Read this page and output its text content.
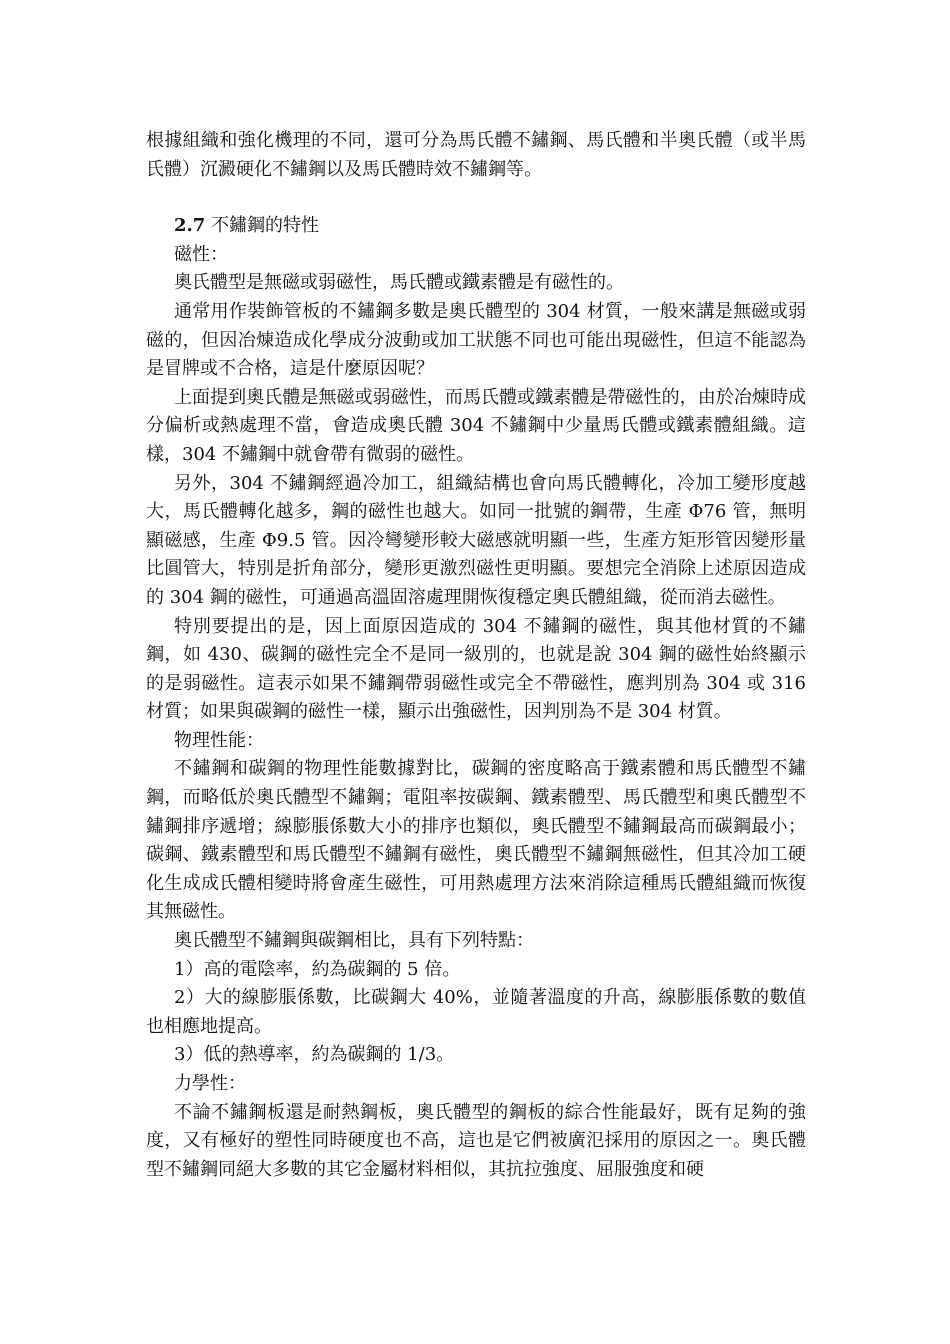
根據組織和強化機理的不同，還可分為馬氏體不鏽鋼、馬氏體和半奧氏體（或半馬氏體）沉澱硬化不鏽鋼以及馬氏體時效不鏽鋼等。

2.7 不鏽鋼的特性

磁性：

奧氏體型是無磁或弱磁性，馬氏體或鐵素體是有磁性的。

通常用作裝飾管板的不鏽鋼多數是奧氏體型的 304 材質，一般來講是無磁或弱磁的，但因冶煉造成化學成分波動或加工狀態不同也可能出現磁性，但這不能認為是冒牌或不合格，這是什麼原因呢？

上面提到奧氏體是無磁或弱磁性，而馬氏體或鐵素體是帶磁性的，由於冶煉時成分偏析或熱處理不當，會造成奧氏體 304 不鏽鋼中少量馬氏體或鐵素體組織。這樣，304 不鏽鋼中就會帶有微弱的磁性。

另外，304 不鏽鋼經過冷加工，組織結構也會向馬氏體轉化，冷加工變形度越大，馬氏體轉化越多，鋼的磁性也越大。如同一批號的鋼帶，生產 Φ76 管，無明顯磁感，生產 Φ9.5 管。因冷彎變形較大磁感就明顯一些，生產方矩形管因變形量比圓管大，特別是折角部分，變形更激烈磁性更明顯。要想完全消除上述原因造成的 304 鋼的磁性，可通過高溫固溶處理開恢復穩定奧氏體組織，從而消去磁性。

特別要提出的是，因上面原因造成的 304 不鏽鋼的磁性，與其他材質的不鏽鋼，如 430、碳鋼的磁性完全不是同一級別的，也就是說 304 鋼的磁性始終顯示的是弱磁性。這表示如果不鏽鋼帶弱磁性或完全不帶磁性，應判別為 304 或 316 材質；如果與碳鋼的磁性一樣，顯示出強磁性，因判別為不是 304 材質。

物理性能：

不鏽鋼和碳鋼的物理性能數據對比，碳鋼的密度略高于鐵素體和馬氏體型不鏽鋼，而略低於奧氏體型不鏽鋼；電阻率按碳鋼、鐵素體型、馬氏體型和奧氏體型不鏽鋼排序遞增；線膨脹係數大小的排序也類似，奧氏體型不鏽鋼最高而碳鋼最小；碳鋼、鐵素體型和馬氏體型不鏽鋼有磁性，奧氏體型不鏽鋼無磁性，但其冷加工硬化生成成氏體相變時將會產生磁性，可用熱處理方法來消除這種馬氏體組織而恢復其無磁性。

奧氏體型不鏽鋼與碳鋼相比，具有下列特點：

1）高的電陰率，約為碳鋼的 5 倍。

2）大的線膨脹係數，比碳鋼大 40%，並隨著溫度的升高，線膨脹係數的數值也相應地提高。

3）低的熱導率，約為碳鋼的 1/3。

力學性：

不論不鏽鋼板還是耐熱鋼板，奧氏體型的鋼板的綜合性能最好，既有足夠的強度，又有極好的塑性同時硬度也不高，這也是它們被廣氾採用的原因之一。奧氏體型不鏽鋼同絕大多數的其它金屬材料相似，其抗拉強度、屈服強度和硬
